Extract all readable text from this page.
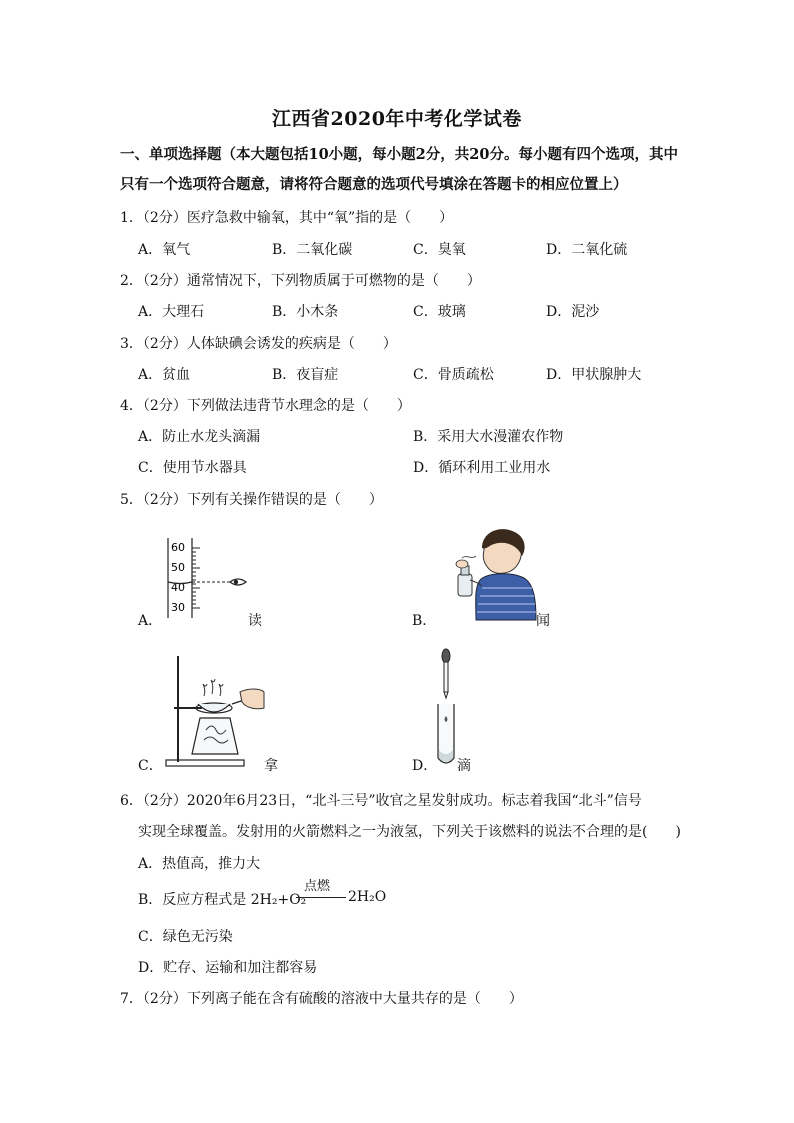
江西省2020年中考化学试卷
一、单项选择题（本大题包括10小题，每小题2分，共20分。每小题有四个选项，其中
只有一个选项符合题意，请将符合题意的选项代号填涂在答题卡的相应位置上）
1．（2分）医疗急救中输氧，其中“氧”指的是（　　）
A．氧气	B．二氧化碳	C．臭氧	D．二氧化硫
2．（2分）通常情况下，下列物质属于可燃物的是（　　）
A．大理石	B．小木条	C．玻璃	D．泥沙
3．（2分）人体缺碘会诱发的疾病是（　　）
A．贫血	B．夜盲症	C．骨质疏松	D．甲状腺肿大
4．（2分）下列做法违背节水理念的是（　　）
A．防止水龙头滴漏	B．采用大水漫灌农作物
C．使用节水器具	D．循环利用工业用水
5．（2分）下列有关操作错误的是（　　）
A．
60
50
40
30
读	B．	闻
C．	拿	D． 滴
6．（2分）2020年6月23日，“北斗三号”收官之星发射成功。标志着我国“北斗”信号
实现全球覆盖。发射用的火箭燃料之一为液氢，下列关于该燃料的说法不合理的是(　　)
A．热值高，推力大
B．反应方程式是 2H₂+O₂
点燃
2H₂O
C．绿色无污染
D．贮存、运输和加注都容易
7．（2分）下列离子能在含有硫酸的溶液中大量共存的是（　　）
